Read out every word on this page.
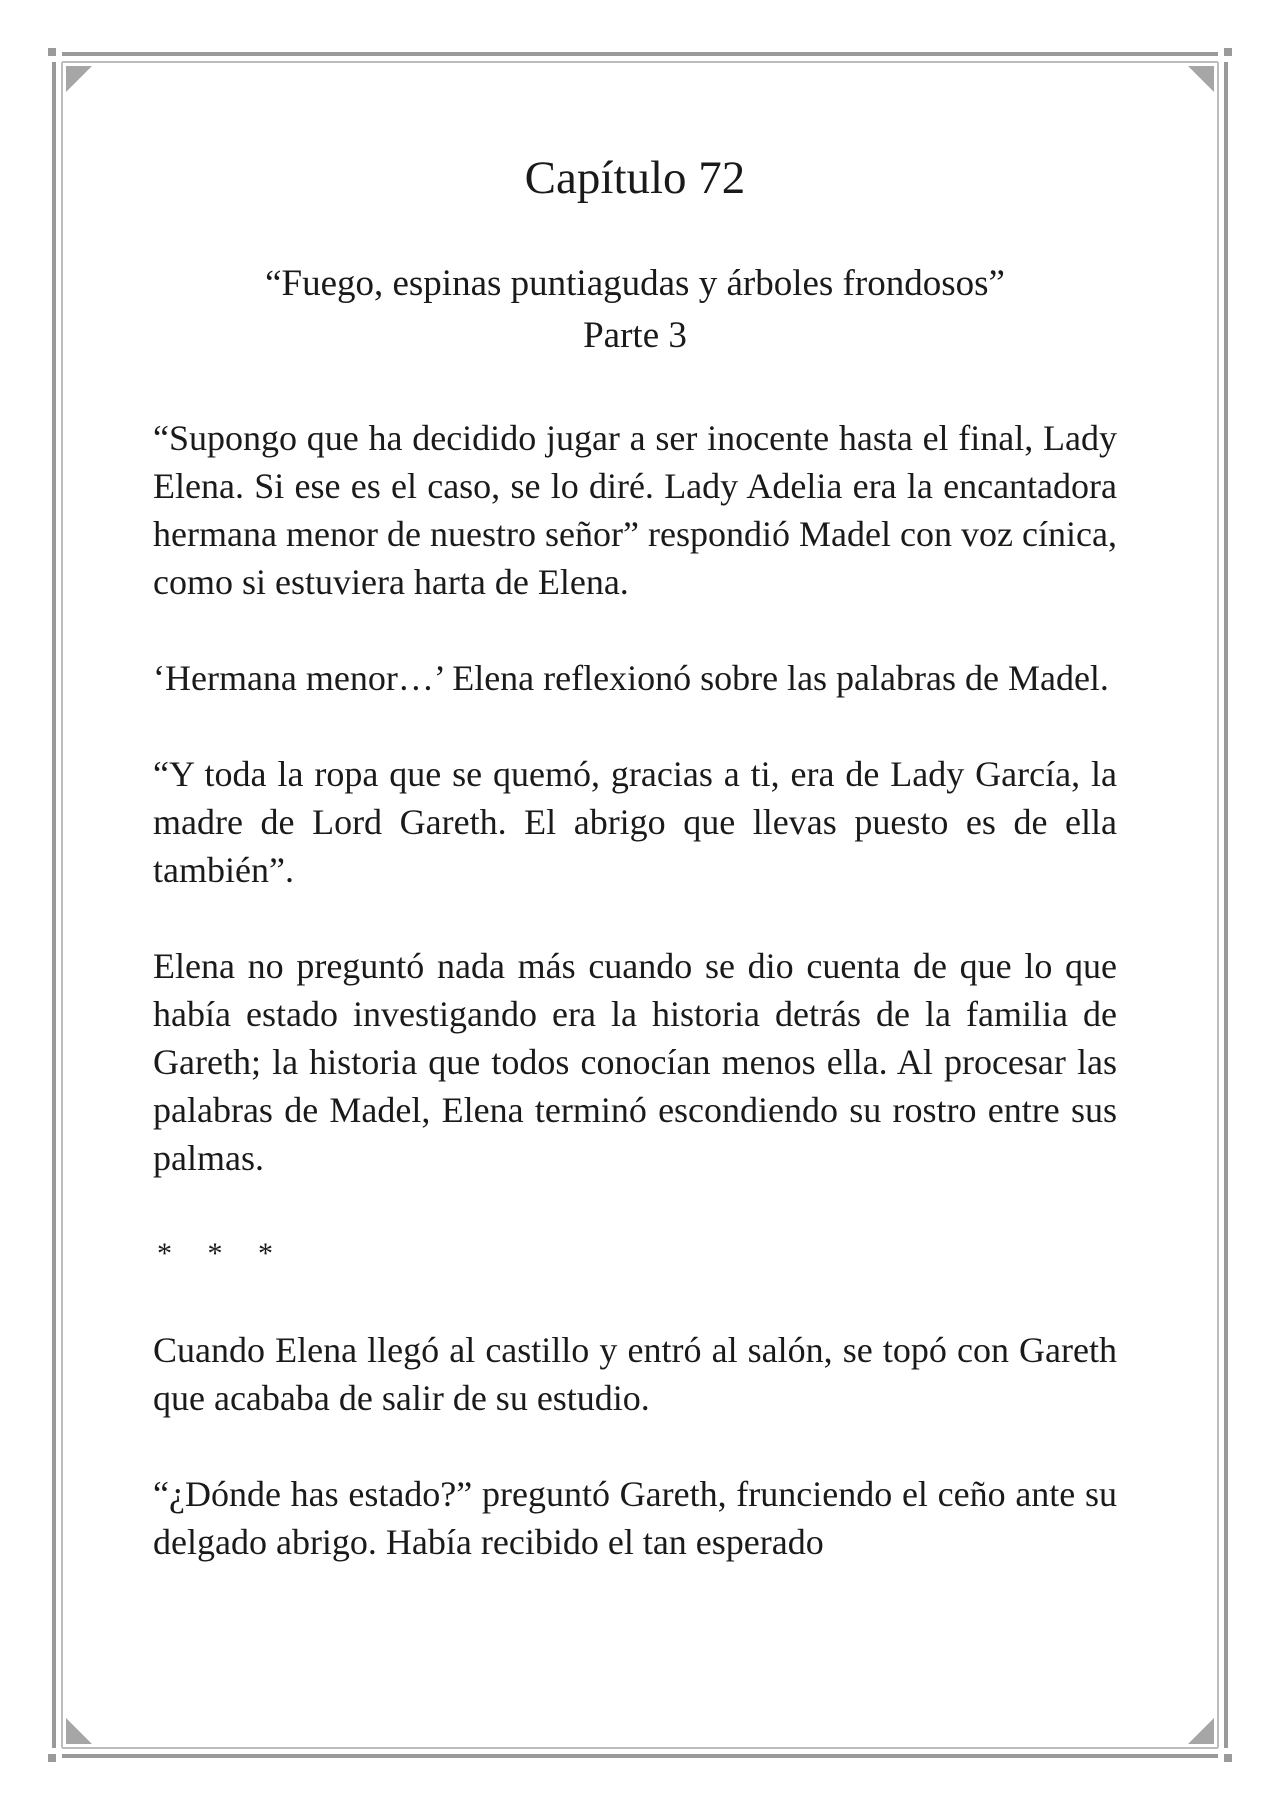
Capítulo 72
“Fuego, espinas puntiagudas y árboles frondosos”
Parte 3

“Supongo que ha decidido jugar a ser inocente hasta el final, Lady Elena. Si ese es el caso, se lo diré. Lady Adelia era la encantadora hermana menor de nuestro señor” respondió Madel con voz cínica, como si estuviera harta de Elena.

‘Hermana menor…’ Elena reflexionó sobre las palabras de Madel.

“Y toda la ropa que se quemó, gracias a ti, era de Lady García, la madre de Lord Gareth. El abrigo que llevas puesto es de ella también”.

Elena no preguntó nada más cuando se dio cuenta de que lo que había estado investigando era la historia detrás de la familia de Gareth; la historia que todos conocían menos ella. Al procesar las palabras de Madel, Elena terminó escondiendo su rostro entre sus palmas.

* * *

Cuando Elena llegó al castillo y entró al salón, se topó con Gareth que acababa de salir de su estudio.

“¿Dónde has estado?” preguntó Gareth, frunciendo el ceño ante su delgado abrigo. Había recibido el tan esperado
